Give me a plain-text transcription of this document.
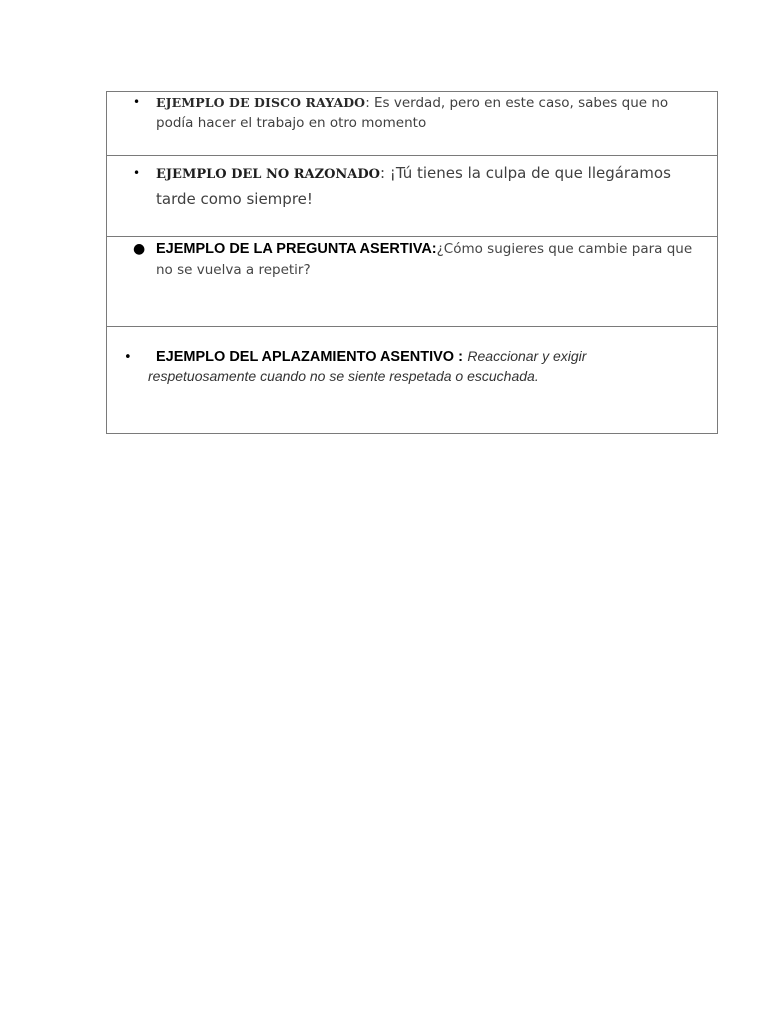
• EJEMPLO DE DISCO RAYADO: Es verdad, pero en este caso, sabes que no podía hacer el trabajo en otro momento

• EJEMPLO DEL NO RAZONADO: ¡Tú tienes la culpa de que llegáramos tarde como siempre!

● EJEMPLO DE LA PREGUNTA ASERTIVA:¿Cómo sugieres que cambie para que no se vuelva a repetir?

• EJEMPLO DEL APLAZAMIENTO ASENTIVO : Reaccionar y exigir

respetuosamente cuando no se siente respetada o escuchada.
